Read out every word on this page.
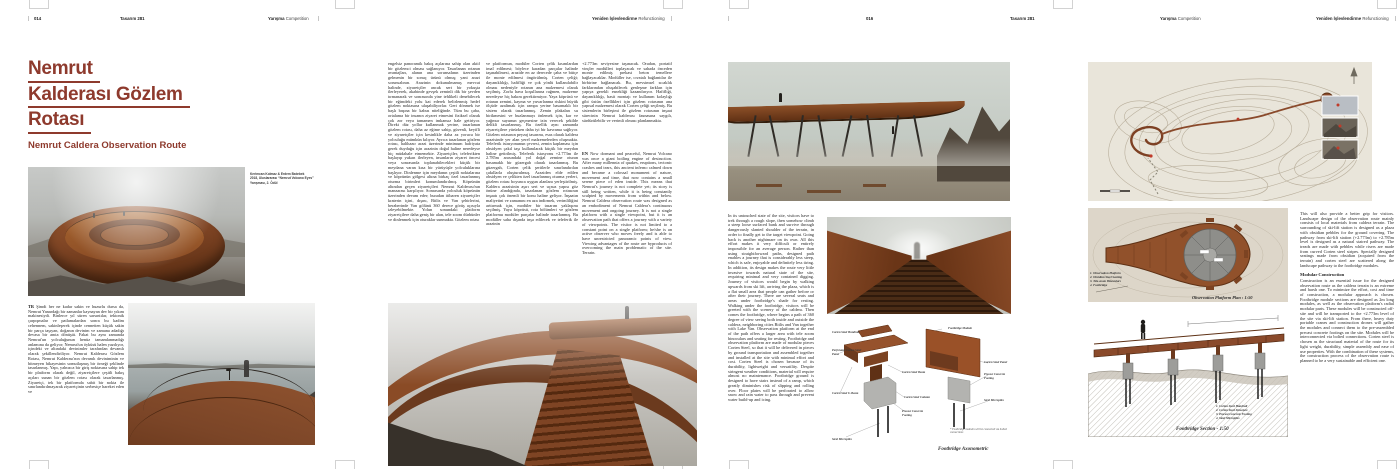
014	Tasarım 281	Yarışma Competition	Yeniden İşlevlendirme Refunctioning	016	Tasarım 281	Yarışma Competition	Yeniden İşlevlendirme Refunctioning
Nemrut
Kalderası Gözlem
Rotası
Nemrut Caldera Observation Route
Kerimcan Kolmaz & Erdem Batırbek
2018, Uluslararası “Nemrut Volcano Eyes”
Yarışması, 2. Ödül
TR Şimdi her ne kadar sakin ve huzurlu dursa da, Nemrut Yanardağı bir zamanlar kaynayan dev bir yıkım makinesiydi. Binlerce yıl süren sarsıntılar, tektonik çarpışmalar ve patlamalardan sonra bu kadim cehennem, sakinleşerek içinde cennetten küçük sakin bir parça taşıyan, doğanın devinim ve zamana adadığı devasa bir anıta dönüştü. Fakat bu aynı zamanda Nemrut'un yolculuğunun henüz tamamlanmadığı anlamına da geliyor; Nemrut'un öyküsü halen yazılıyor, içindeki ve altındaki devinimler tarafından devamlı olarak şekillendiriliyor. Nemrut Kalderası Gözlem Rotası, Nemrut Kalderası'nın devamlı deviniminin ve bitmeyen hikayesinin somutlaşmış bir örneği şeklinde tasarlanmış. Yapı, yalnızca bir giriş noktasına sahip tek bir platform olarak değil, ziyaretçilere çeşitli bakış açıları sunan bir gözlem rotası olarak tasarlanmış. Ziyaretçi, tek bir platformda sabit bir nokta ile sınırlandırılmayarak ziyaretçinin serbestçe hareket eden ve
engelsiz panoramik bakış açılarına sahip olan aktif bir gözlemci olması sağlanıyor. Tasarlanan rotanın avantajları, alanın ana sorunsalının üzerinden gelmenin bir sonuç ürünü olmuş; yani arazi sorunsalının. Arazinin dokunulmamış mevcut halinde, ziyaretçiler ancak sert bir yokuşta ilerleyerek, akabinde gevşek zeminli dik bir şevden tırmanarak ve sonrasında yine tehlikeli denebilecek bir eğimdeki yolu kat ederek belirlenmiş hedef gözlem noktasına ulaşabiliyorlar. Geri dönmek ise başlı başına bir kabus niteliğinde. Tüm bu çaba, ortalama bir insanın ziyaret etmesini fiziksel olarak çok zor veya tamamen imkansız hale getiriyor. Direkt düz yollar kullanmak yerine, tasarlanan gözlem rotası, daha az eğime sahip, güvenli, keyifli ve ziyaretçiler için kesinlikle daha az yorucu bir yolculuğu mümkün kılıyor. Ayrıca tasarlanan gözlem rotası, halihazır arazi üzerinde minimum hafriyata gerek duyduğu için arazinin doğal haline neredeyse hiç müdahale etmemekte. Ziyaretçiler, teleferikten başlayıp yukarı ilerleyen, insanların ziyaret öncesi veya sonrasında toplanabilecekleri küçük bir meydana varan kısa bir yürüyüşle yolculuklarına başlıyor. Dinlenme için meydanın çeşitli noktalarına ve köprünün gölgesi altına birkaç özel tasarlanmış oturma birimleri konumlandırılmış. Köprünün altından geçen ziyaretçileri Nemrut Kalderası'nın manzarası karşılıyor. Sonrasında yolculuk köprünün üzerinden devam eder; buradan itibaren ziyaretçiler kraterin içini, dışını, Bitlis ve Van şehirlerini, beraberinde Van gölünü 360 derece görüş açısıyla izleyebilmekte. Yolun sonundaki platform ziyaretçilere daha geniş bir alan, tele zoom dürbünler ve dinlenmek için oturaklar sunmakta. Gözlem rotası
ve platformun, modüler Corten çelik kısımlardan imal edilmesi; böylece karadan parçalar halinde taşınabilmesi, arazide en az derecede çaba ve bütçe ile monte edilmesi öngörülmüş. Corten çeliği; dayanıklılığı, hafifliği ve çok yönlü kullanılabilir olması nedeniyle rotanın ana malzemesi olarak seçilmiş. Zorlu hava koşullarına rağmen, malzeme neredeyse hiç bakım gerektirmiyor. Yaya köprüsü ve rotanın zemini, kayma ve yuvarlanma riskini büyük ölçüde azaltmak için rampa yerine basamaklı bir sistem olarak tasarlanmış. Zemin plakaları su birikmesini ve buzlanmayı önlemek için, kar ve yağmur suyunun geçmesine izin verecek şekilde delikli tasarlanmış. Bu özellik aynı zamanda ziyaretçilere yürürken daha iyi bir kavrama sağlıyor. Gözlem rotasının peyzaj tasarımı, esas olarak kaldera arazisinde yer alan yerel malzemelerden oluşmakta. Teleferik istasyonunun çevresi, zemin kaplaması için obsidyen çakıl taşı kullanılarak küçük bir meydan haline getirilmiş. Teleferik istasyonu +2.773m ile 2.785m arasındaki yol doğal zemine oturan basamaklı bir güzergah olarak tasarlanmış. Bu güzergah, Corten çelik şeritlerle sınırlandırılan çakıllarla oluşturulmuş. Araziden elde edilen obsidyen ve çelikten özel tasarlanmış oturma yerleri, gözlem rotası boyunca uygun alanlara yerleştirilmiş. Kaldera arazisinin aşırı sert ve uçsuz yapısı göz önüne alındığında, tasarlanan gözlem rotasının inşaatı çok önemli bir konu haline geliyor. İnşaatın maliyetini ve zamanını en aza indirmek, verimliliğini arttırmak için, modüler bir tasarım yaklaşımı seçilmiş. Yaya köprüsü, rota bölümleri ve gözlem platformu modüler parçalar halinde tasarlanmış. Bu modüller saha dışında inşa edilecek ve teleferik ile arazinin
+2.773m seviyesine taşınacak. Oradan, portatif vinçler modülleri toplayacak ve sahada önceden monte edilmiş prekast beton temellere bağlayacaklar. Modüller ise, cıvatalı bağlantılar ile birbirine bağlanacak. Bu, mevsimsel sıcaklık farklarından oluşabilecek genleşme farkları için yapıya gerekli esnekliği kazandırıyor. Hafifliği, dayanıklılığı, basit montajı ve kullanım kolaylığı gibi üstün özellikleri için gözlem rotasının ana yapısal malzemesi olarak Corten çeliği seçilmiş. Bu sistemlerin birleşimi ile gözlem rotasının inşaat sürecinin Nemrut kalderası faunasına saygılı, sürdürülebilir ve verimli olması planlanmakta.
EN Now dormant and peaceful, Nemrut Volcano was once a giant boiling engine of destruction. After many millennia of quakes, eruptions, tectonic crashes and tears, this ancient inferno calmed down and became a colossal monument of nature, movement and time, that now contains a small serene piece of eden inside. This means that Nemrut's journey is not complete yet; its story is still being written, while it is being constantly sculpted by movements from within and below. Nemrut Caldera observation route was designed as an embodiment of Nemrut Caldera's continuous movement and ongoing journey. It is not a single platform with a single viewpoint, but it is an observation path that offers a journey with a variety of viewpoints. The visitor is not limited to a constant point on a single platform; he/she is an active observer who moves freely and is able to have unrestricted panoramic points of view. Viewing advantages of the route are byproducts of overcoming the main problematic of the site. Terrain.
In its untouched state of the site, visitors have to trek through a rough slope, then somehow climb a steep loose surfaced bank and survive through dangerously slanted shoulder of the terrain, in order to finally get to the target viewpoint. Going back is another nightmare on its own. All this effort makes it very difficult or entirely impossible for an average person. Rather than using straightforward paths, designed path enables a journey that is considerably less steep, which is safe, enjoyable and definitely less tiring. In addition, its design makes the route very little invasive towards natural state of the site, requiring minimal and very contained digging. Journey of visitors would begin by walking upwards from ski lift, arriving the plaza, which is a flat small area that people can gather before or after their journey. There are several seats and areas under footbridge's shade for resting. Walking under the footbridge, visitors will be greeted with the scenery of the caldera. Then comes the footbridge, where begins a path of 360 degree of view seeing both inside and outside the caldera, neighboring cities Bitlis and Van together with Lake Van. Observation platform at the end of the path offers a larger area with tele zoom binoculars and seating for resting. Footbridge and observation platform are made of modular pieces Corten Steel, so that it will be delivered in pieces by ground transportation and assembled together and installed at the site with minimal effort and cost. Corten Steel is chosen because of its durability, lightweight and versatility. Despite stringent weather conditions, material will require almost no maintenance. Footbridge ground is designed to have stairs instead of a ramp, which greatly diminishes risk of slipping and rolling over. Floor plates will be perforated to allow snow and rain water to pass through and prevent water build-up and icing.
Corten Steel Handrail
Footbridge Module
Perforated Corten Steel Panel
Corten Steel Panel
Corten Steel Beam
Corten Steel U-Beam
Corten Steel Column
Precast Concrete Footing
Precast Concrete Footing
Steel Micropiles
Steel Micropiles
* Footbridge modules will be connected via bolted connections
Footbridge Axonometric
1. Observation Platform
2. Obsidian Steel Seating
3. Tele-zoom Binoculars
4. Footbridge
Observation Platform Plan : 1:50
1. Corten Steel Handrail
2. Corten Steel Structure
3. Precast Concrete Footing
4. Steel Micropiles
Footbridge Section - 1:50
This will also provide a better grip for visitors. Landscape design of the observation route mainly consists of local materials from caldera terrain. The surrounding of ski-lift station is designed as a plaza with obsidian pebbles for the ground covering. The pathway from ski-lift station (+2.773m) to +2.785m level is designed as a natural staired pathway. The treads are made with pebbles while risers are made from curved Corten steel stripes. Specially designed seatings made from obsidian (acquired from the terrain) and corten steel are scattered along the landscape pathway to the footbridge modules.
Modular Construction
Construction is an essential issue for the designed observation route as the caldera terrain is an extreme and harsh one. To minimize the effort, cost and time of construction, a modular approach is chosen. Footbridge module sections are designed as 2m long modules, as well as the observation platform's radial modular parts. These modules will be constructed off-site and will be transported to the +2.773m level of the site via ski-lift station. From there, heavy duty portable cranes and construction drones will gather the modules and connect them to the pre-assembled precast concrete footings on the site. Modules will be interconnected via bolted connections. Corten steel is chosen as the structural material of the route for its light weight, durability, simple assembly and ease of use properties. With the combination of these systems, the construction process of the observation route is planned to be a very sustainable and efficient one.
